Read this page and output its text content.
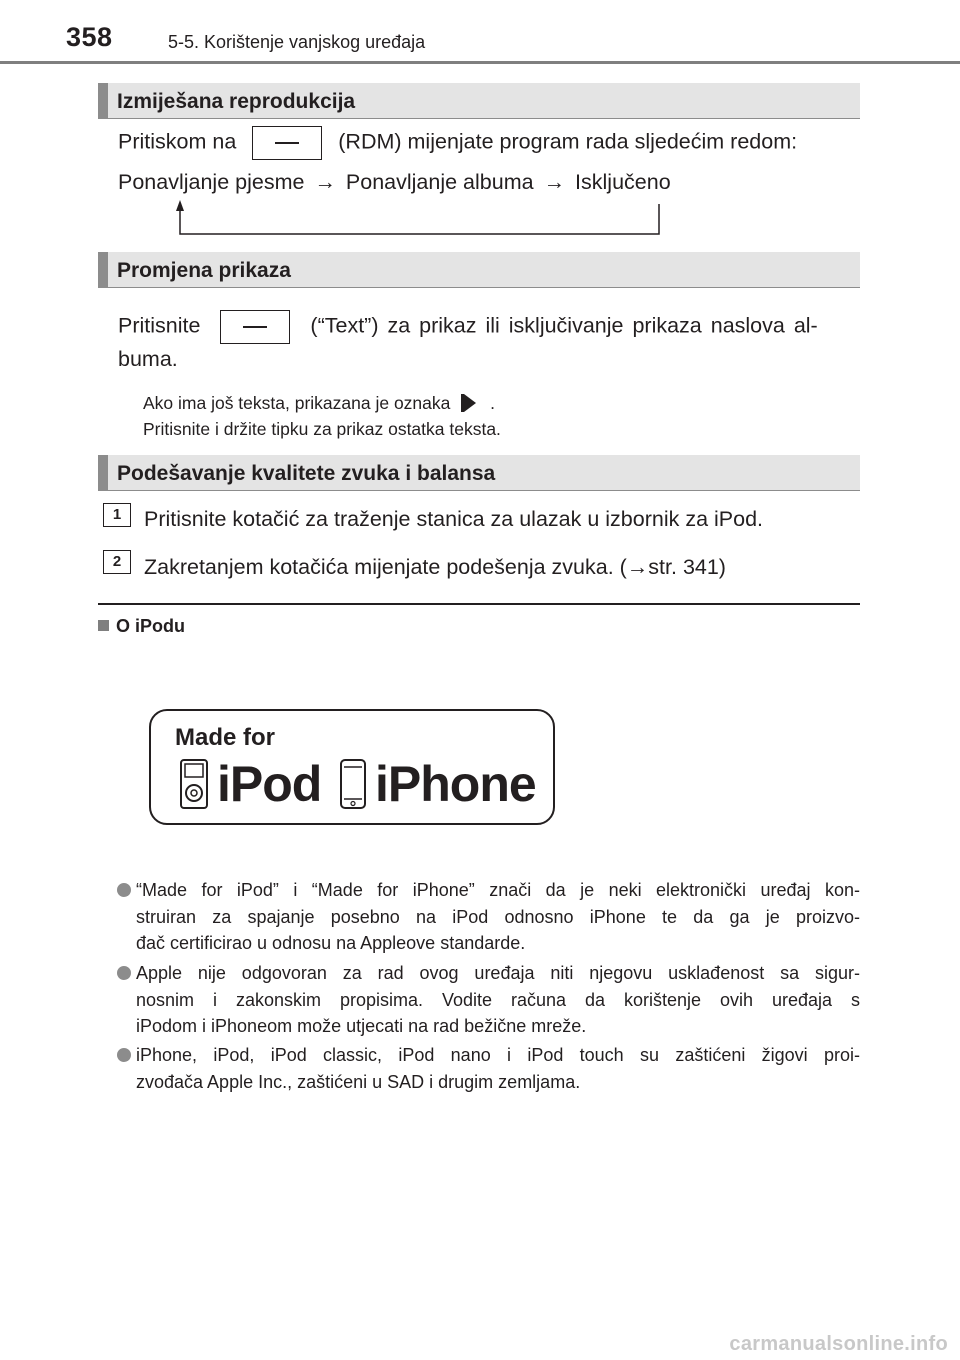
358	5-5. Korištenje vanjskog uređaja
Izmiješana reprodukcija
Pritiskom na	(RDM) mijenjate program rada sljedećim redom:
Ponavljanje pjesme → Ponavljanje albuma → Isključeno
Promjena prikaza
Pritisnite	(“Text”) za prikaz ili isključivanje prikaza naslova al-
buma.
Ako ima još teksta, prikazana je oznaka .
Pritisnite i držite tipku za prikaz ostatka teksta.
Podešavanje kvalitete zvuka i balansa
1	Pritisnite kotačić za traženje stanica za ulazak u izbornik za iPod.
2	Zakretanjem kotačića mijenjate podešenja zvuka. (→str. 341)
O iPodu
Made for
iPod iPhone
“Made for iPod” i “Made for iPhone” znači da je neki elektronički uređaj kon-
struiran za spajanje posebno na iPod odnosno iPhone te da ga je proizvo-
đač certificirao u odnosu na Appleove standarde.
Apple nije odgovoran za rad ovog uređaja niti njegovu usklađenost sa sigur-
nosnim i zakonskim propisima. Vodite računa da korištenje ovih uređaja s
iPodom i iPhoneom može utjecati na rad bežične mreže.
iPhone, iPod, iPod classic, iPod nano i iPod touch su zaštićeni žigovi proi-
zvođača Apple Inc., zaštićeni u SAD i drugim zemljama.
carmanualsonline.info
